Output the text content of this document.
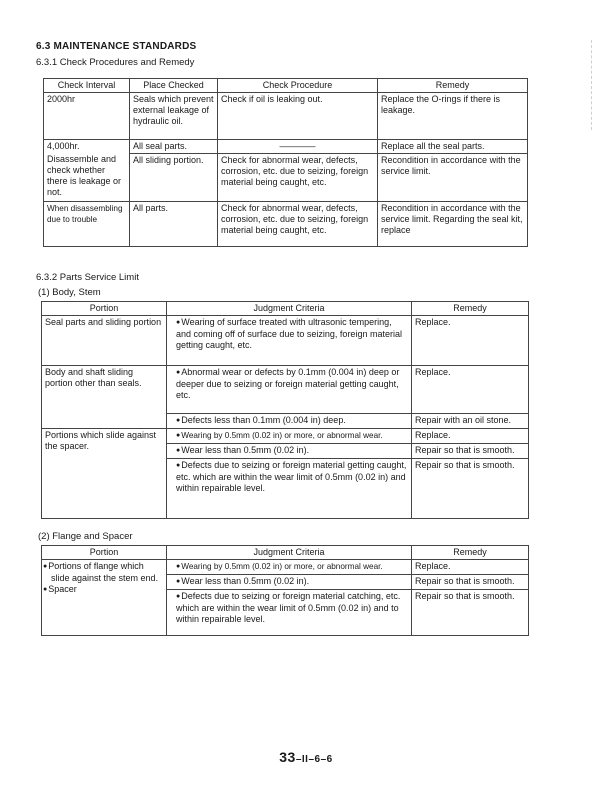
6.3 MAINTENANCE STANDARDS
6.3.1 Check Procedures and Remedy
Check Interval	Place Checked	Check Procedure	Remedy
2000hr	Seals which prevent external leakage of hydraulic oil.	Check if oil is leaking out.	Replace the O-rings if there is leakage.
4,000hr.	All seal parts.	————	Replace all the seal parts.
Disassemble and check whether there is leakage or not.	All sliding portion.	Check for abnormal wear, defects, corrosion, etc. due to seizing, foreign material being caught, etc.	Recondition in accordance with the service limit.
When disassembling due to trouble	All parts.	Check for abnormal wear, defects, corrosion, etc. due to seizing, foreign material being caught, etc.	Recondition in accordance with the service limit. Regarding the seal kit, replace
6.3.2 Parts Service Limit
(1) Body, Stem
Portion	Judgment Criteria	Remedy
Seal parts and sliding portion	●Wearing of surface treated with ultrasonic tempering, and coming off of surface due to seizing, foreign material getting caught, etc.	Replace.
Body and shaft sliding portion other than seals.	● Abnormal wear or defects by 0.1mm (0.004 in) deep or deeper due to seizing or foreign material getting caught, etc.	Replace.
	● Defects less than 0.1mm (0.004 in) deep.	Repair with an oil stone.
Portions which slide against the spacer.	● Wearing by 0.5mm (0.02 in) or more, or abnormal wear.	Replace.
● Wear less than 0.5mm (0.02 in).	Repair so that is smooth.
● Defects due to seizing or foreign material getting caught, etc. which are within the wear limit of 0.5mm (0.02 in) and within repairable level.	Repair so that is smooth.
(2) Flange and Spacer
Portion	Judgment Criteria	Remedy

● Portions of flange which slide against the stem end.
● Spacer
	● Wearing by 0.5mm (0.02 in) or more, or abnormal wear.	Replace.
● Wear less than 0.5mm (0.02 in).	Repair so that is smooth.
● Defects due to seizing or foreign material catching, etc. which are within the wear limit of 0.5mm (0.02 in) and to within repairable level.	Repair so that is smooth.
33–II–6–6
